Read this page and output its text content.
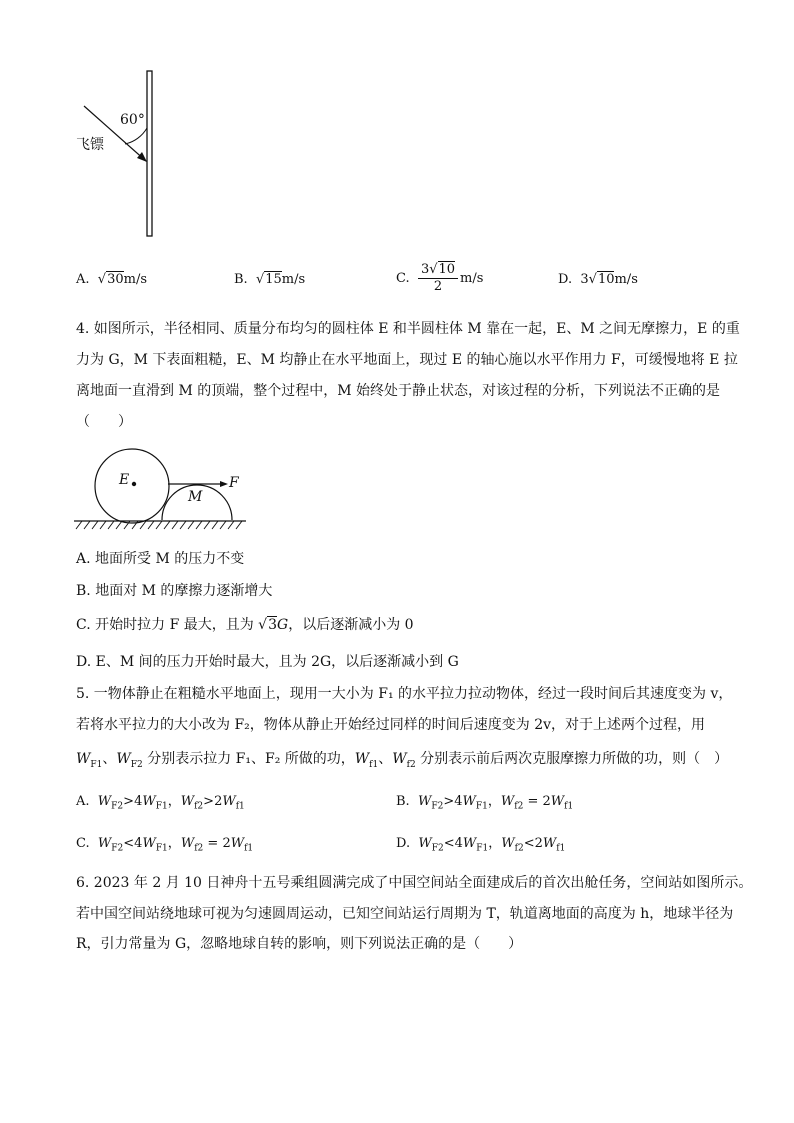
60°
飞镖
A.  √30m/s	B.  √15m/s	C.
3√10
2
m/s	D. 3√10m/s
4. 如图所示，半径相同、质量分布均匀的圆柱体 E 和半圆柱体 M 靠在一起，E、M 之间无摩擦力，E 的重
力为 G，M 下表面粗糙，E、M 均静止在水平地面上，现过 E 的轴心施以水平作用力 F，可缓慢地将 E 拉
离地面一直滑到 M 的顶端，整个过程中，M 始终处于静止状态，对该过程的分析，下列说法不正确的是
（　　）
E
M
F
A. 地面所受 M 的压力不变
B. 地面对 M 的摩擦力逐渐增大
C. 开始时拉力 F 最大，且为 √3G，以后逐渐减小为 0
D. E、M 间的压力开始时最大，且为 2G，以后逐渐减小到 G
5. 一物体静止在粗糙水平地面上，现用一大小为 F₁ 的水平拉力拉动物体，经过一段时间后其速度变为 v，
若将水平拉力的大小改为 F₂，物体从静止开始经过同样的时间后速度变为 2v，对于上述两个过程，用
$W_{F1}$、$W_{F2}$ 分别表示拉力 F₁、F₂ 所做的功，$W_{f1}$、$W_{f2}$ 分别表示前后两次克服摩擦力所做的功，则（　）
A. $W_{F2}>4W_{F1}$，$W_{f2}>2W_{f1}$	B. $W_{F2}>4W_{F1}$，$W_{f2} = 2W_{f1}$
C. $W_{F2}<4W_{F1}$，$W_{f2} = 2W_{f1}$	D. $W_{F2}<4W_{F1}$，$W_{f2}<2W_{f1}$
6. 2023 年 2 月 10 日神舟十五号乘组圆满完成了中国空间站全面建成后的首次出舱任务，空间站如图所示。
若中国空间站绕地球可视为匀速圆周运动，已知空间站运行周期为 T，轨道离地面的高度为 h，地球半径为
R，引力常量为 G，忽略地球自转的影响，则下列说法正确的是（　　）
